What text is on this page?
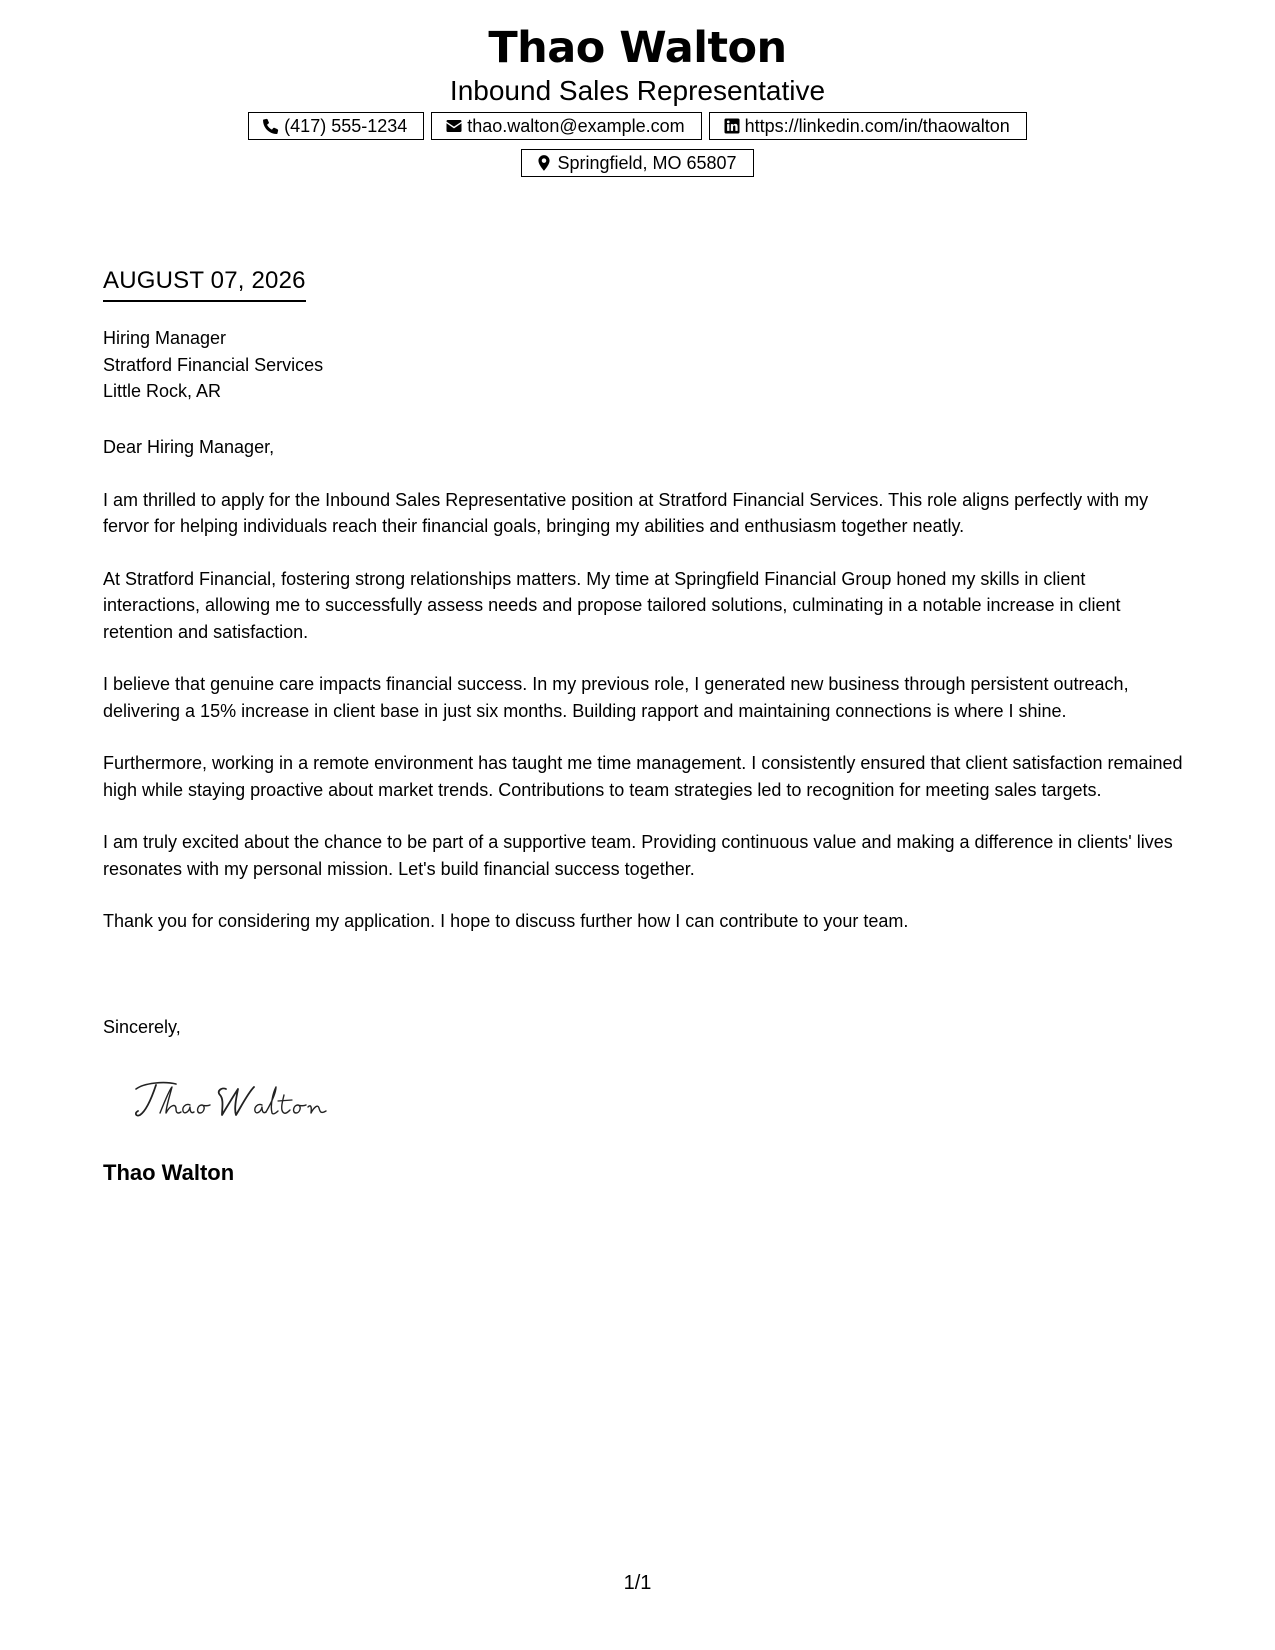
Thao Walton
Inbound Sales Representative
(417) 555-1234	thao.walton@example.com	https://linkedin.com/in/thaowalton
Springfield, MO 65807
AUGUST 07, 2026
Hiring Manager
Stratford Financial Services
Little Rock, AR

Dear Hiring Manager,

I am thrilled to apply for the Inbound Sales Representative position at Stratford Financial Services. This role aligns perfectly with my fervor for helping individuals reach their financial goals, bringing my abilities and enthusiasm together neatly.

At Stratford Financial, fostering strong relationships matters. My time at Springfield Financial Group honed my skills in client interactions, allowing me to successfully assess needs and propose tailored solutions, culminating in a notable increase in client retention and satisfaction.

I believe that genuine care impacts financial success. In my previous role, I generated new business through persistent outreach, delivering a 15% increase in client base in just six months. Building rapport and maintaining connections is where I shine.

Furthermore, working in a remote environment has taught me time management. I consistently ensured that client satisfaction remained high while staying proactive about market trends. Contributions to team strategies led to recognition for meeting sales targets.

I am truly excited about the chance to be part of a supportive team. Providing continuous value and making a difference in clients' lives resonates with my personal mission. Let's build financial success together.

Thank you for considering my application. I hope to discuss further how I can contribute to your team.

Sincerely,
Thao Walton
1/1
